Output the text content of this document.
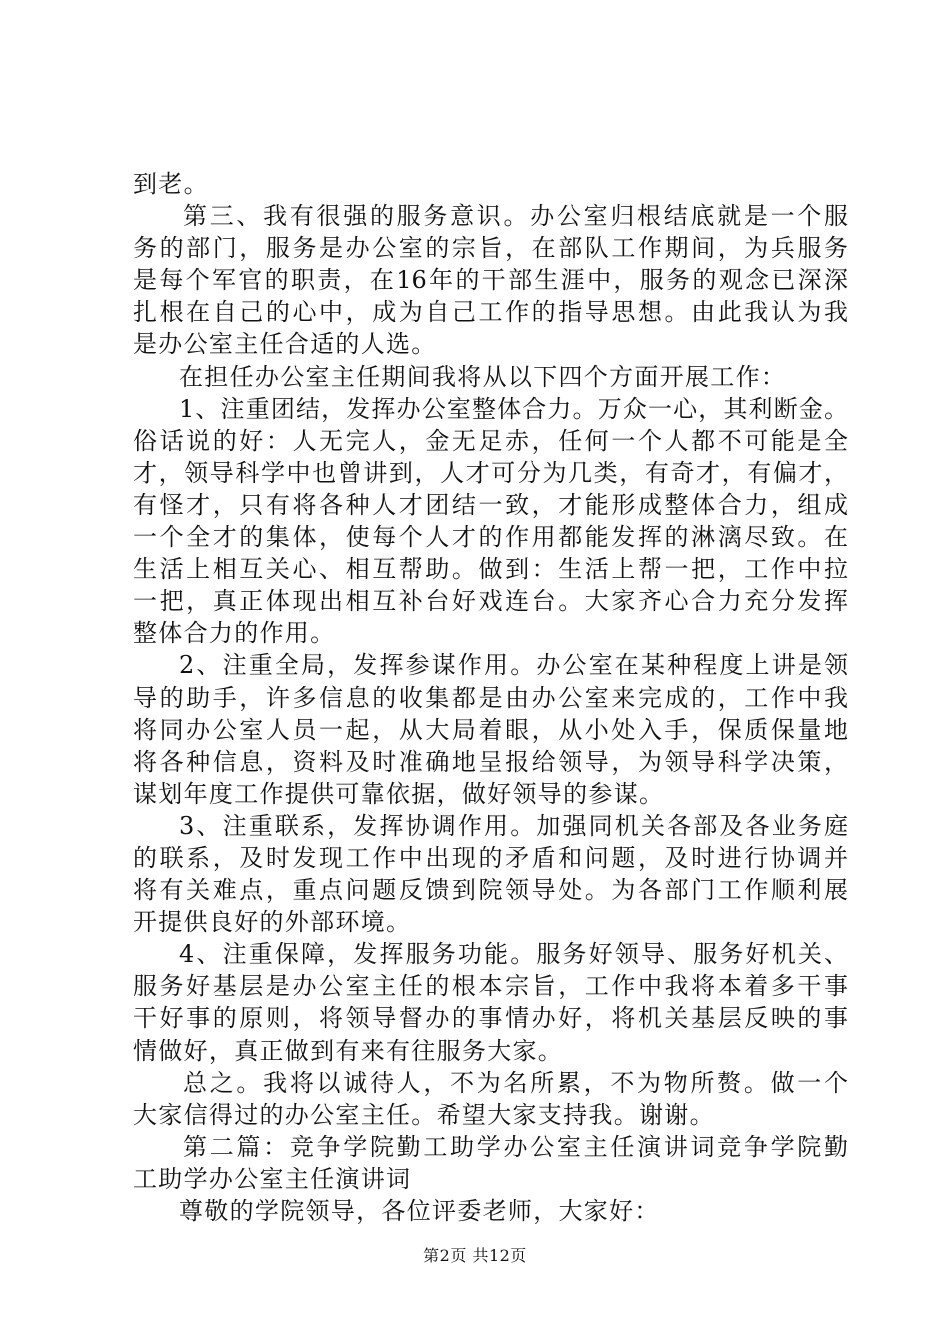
到老。
第三、我有很强的服务意识。办公室归根结底就是一个服
务的部门，服务是办公室的宗旨，在部队工作期间，为兵服务
是每个军官的职责，在16年的干部生涯中，服务的观念已深深
扎根在自己的心中，成为自己工作的指导思想。由此我认为我
是办公室主任合适的人选。
在担任办公室主任期间我将从以下四个方面开展工作：
1、注重团结，发挥办公室整体合力。万众一心，其利断金。
俗话说的好：人无完人，金无足赤，任何一个人都不可能是全
才，领导科学中也曾讲到，人才可分为几类，有奇才，有偏才，
有怪才，只有将各种人才团结一致，才能形成整体合力，组成
一个全才的集体，使每个人才的作用都能发挥的淋漓尽致。在
生活上相互关心、相互帮助。做到：生活上帮一把，工作中拉
一把，真正体现出相互补台好戏连台。大家齐心合力充分发挥
整体合力的作用。
2、注重全局，发挥参谋作用。办公室在某种程度上讲是领
导的助手，许多信息的收集都是由办公室来完成的，工作中我
将同办公室人员一起，从大局着眼，从小处入手，保质保量地
将各种信息，资料及时准确地呈报给领导，为领导科学决策，
谋划年度工作提供可靠依据，做好领导的参谋。
3、注重联系，发挥协调作用。加强同机关各部及各业务庭
的联系，及时发现工作中出现的矛盾和问题，及时进行协调并
将有关难点，重点问题反馈到院领导处。为各部门工作顺利展
开提供良好的外部环境。
4、注重保障，发挥服务功能。服务好领导、服务好机关、
服务好基层是办公室主任的根本宗旨，工作中我将本着多干事
干好事的原则，将领导督办的事情办好，将机关基层反映的事
情做好，真正做到有来有往服务大家。
总之。我将以诚待人，不为名所累，不为物所赘。做一个
大家信得过的办公室主任。希望大家支持我。谢谢。
第二篇：竞争学院勤工助学办公室主任演讲词竞争学院勤
工助学办公室主任演讲词
尊敬的学院领导，各位评委老师，大家好：
第2页 共12页
